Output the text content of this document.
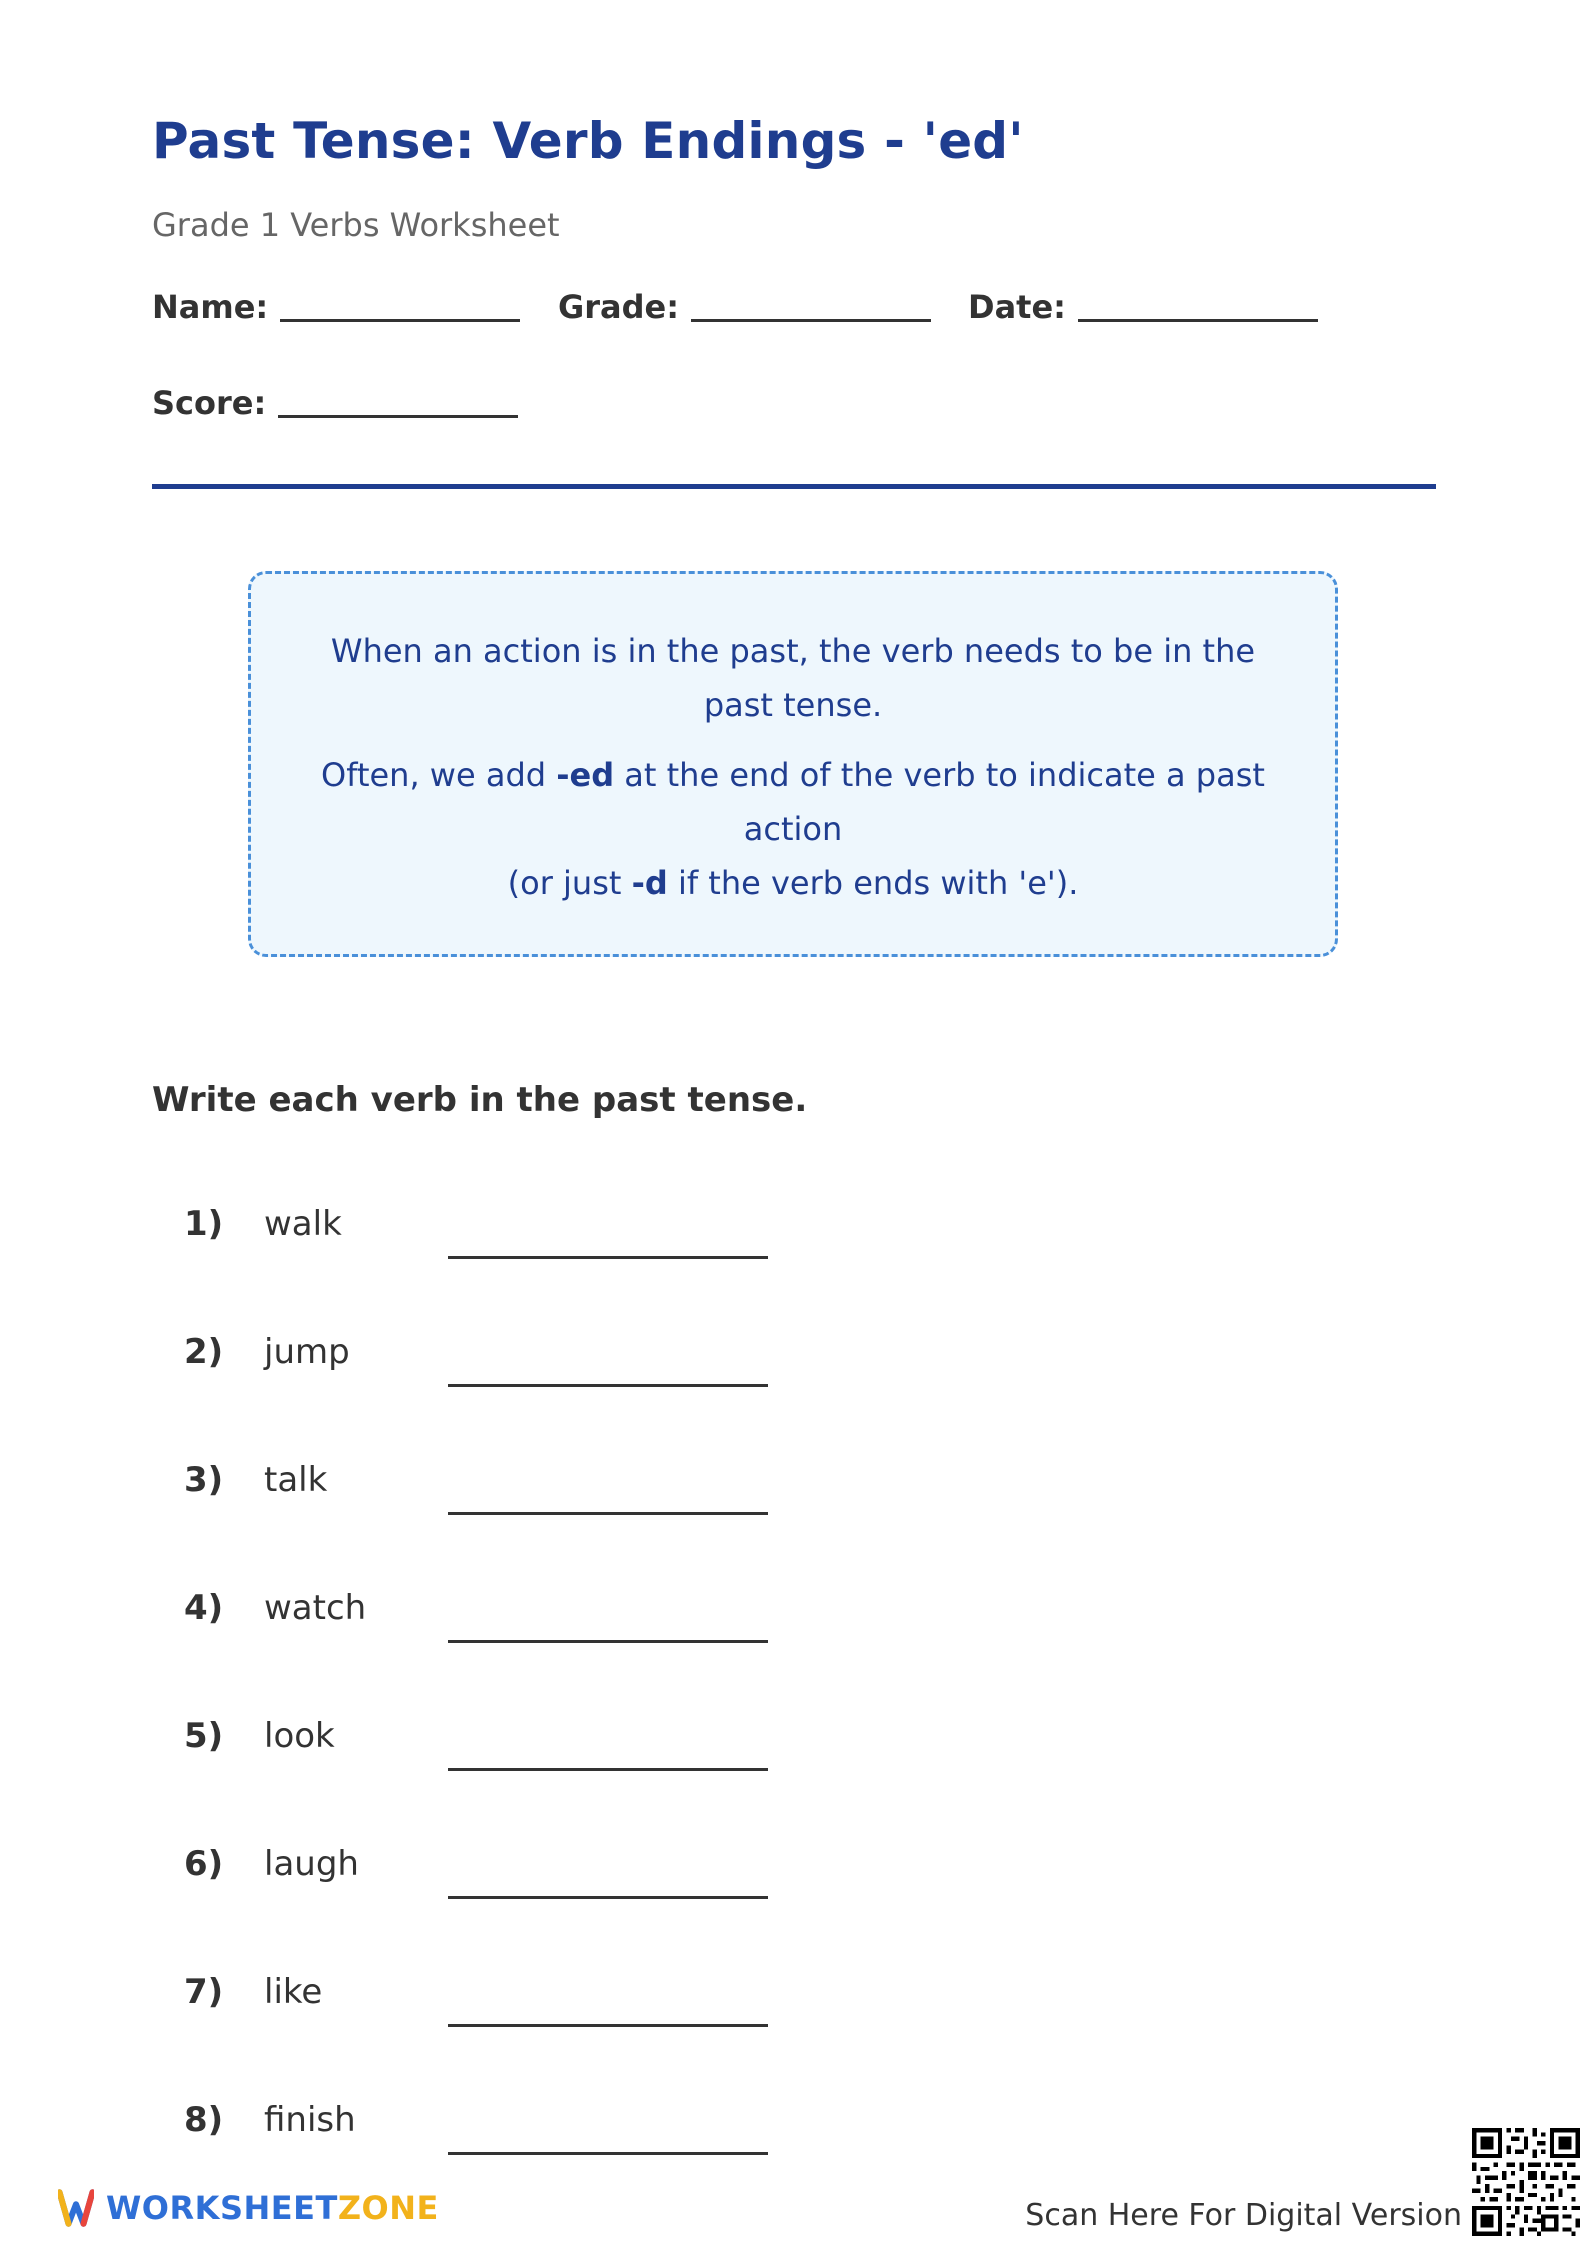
Past Tense: Verb Endings - 'ed'
Grade 1 Verbs Worksheet
Name:	Grade:	Date:
Score:

When an action is in the past, the verb needs to be in the past tense.

Often, we add -ed at the end of the verb to indicate a past action
(or just -d if the verb ends with 'e').

Write each verb in the past tense.
1) walk
2) jump
3) talk
4) watch
5) look
6) laugh
7) like
8) finish
WORKSHEETZONE	Scan Here For Digital Version
